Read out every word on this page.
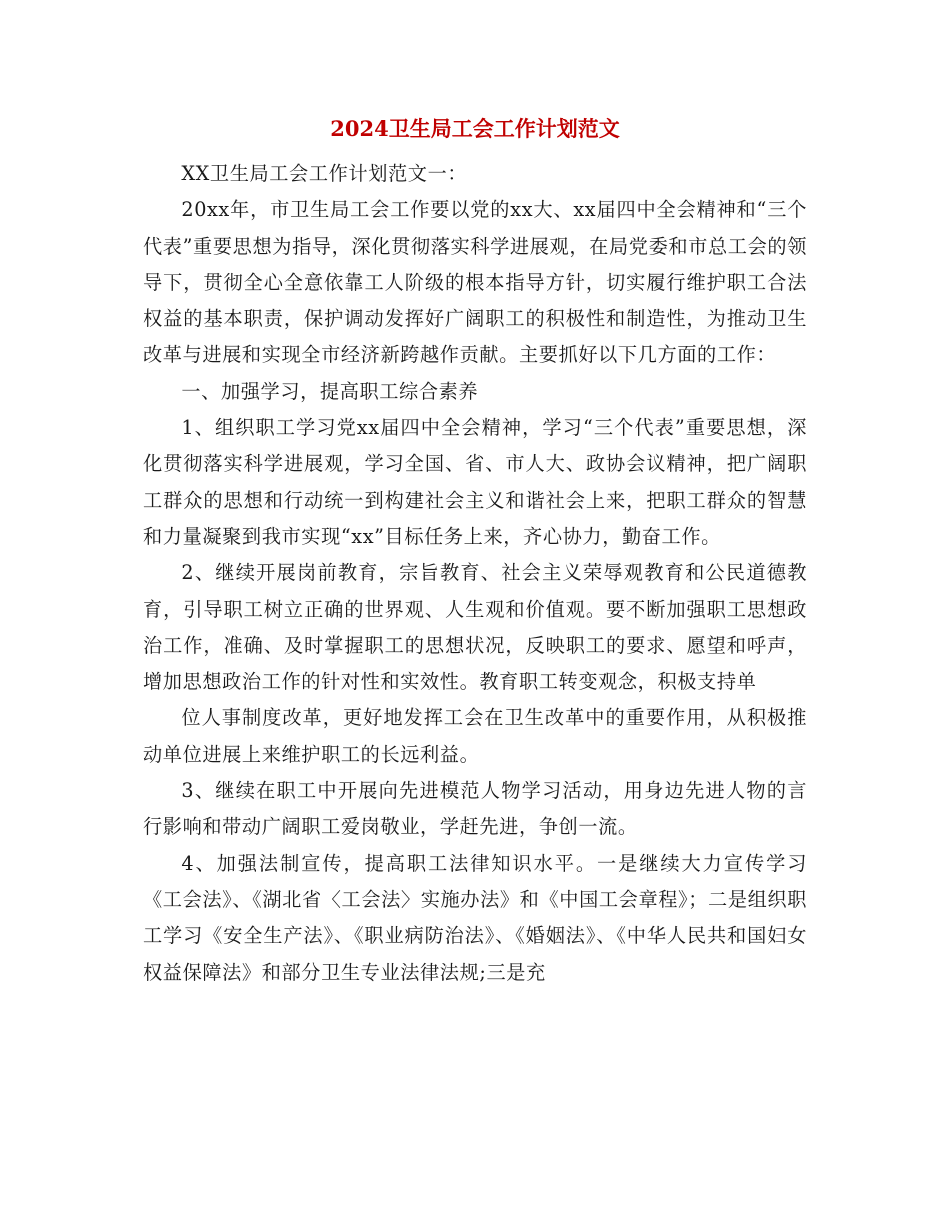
2024卫生局工会工作计划范文

XX卫生局工会工作计划范文一：

20xx年，市卫生局工会工作要以党的xx大、xx届四中全会精神和“三个代表”重要思想为指导，深化贯彻落实科学进展观，在局党委和市总工会的领导下，贯彻全心全意依靠工人阶级的根本指导方针，切实履行维护职工合法权益的基本职责，保护调动发挥好广阔职工的积极性和制造性，为推动卫生改革与进展和实现全市经济新跨越作贡献。主要抓好以下几方面的工作：

一、加强学习，提高职工综合素养

1、组织职工学习党xx届四中全会精神，学习“三个代表”重要思想，深化贯彻落实科学进展观，学习全国、省、市人大、政协会议精神，把广阔职工群众的思想和行动统一到构建社会主义和谐社会上来，把职工群众的智慧和力量凝聚到我市实现“xx”目标任务上来，齐心协力，勤奋工作。

2、继续开展岗前教育，宗旨教育、社会主义荣辱观教育和公民道德教育，引导职工树立正确的世界观、人生观和价值观。要不断加强职工思想政治工作，准确、及时掌握职工的思想状况，反映职工的要求、愿望和呼声，增加思想政治工作的针对性和实效性。教育职工转变观念，积极支持单

位人事制度改革，更好地发挥工会在卫生改革中的重要作用，从积极推动单位进展上来维护职工的长远利益。

3、继续在职工中开展向先进模范人物学习活动，用身边先进人物的言行影响和带动广阔职工爱岗敬业，学赶先进，争创一流。

4、加强法制宣传，提高职工法律知识水平。一是继续大力宣传学习《工会法》、《湖北省〈工会法〉实施办法》和《中国工会章程》；二是组织职工学习《安全生产法》、《职业病防治法》、《婚姻法》、《中华人民共和国妇女权益保障法》和部分卫生专业法律法规;三是充
